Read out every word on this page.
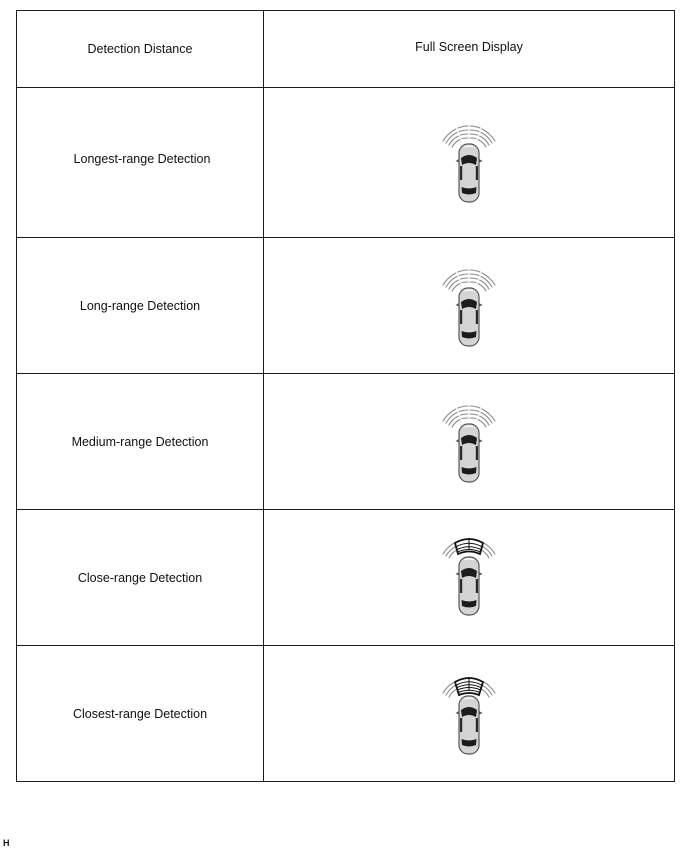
Detection Distance	Full Screen Display
Longest-range Detection	

Long-range Detection	

Medium-range Detection	

Close-range Detection	

Closest-range Detection	
H
